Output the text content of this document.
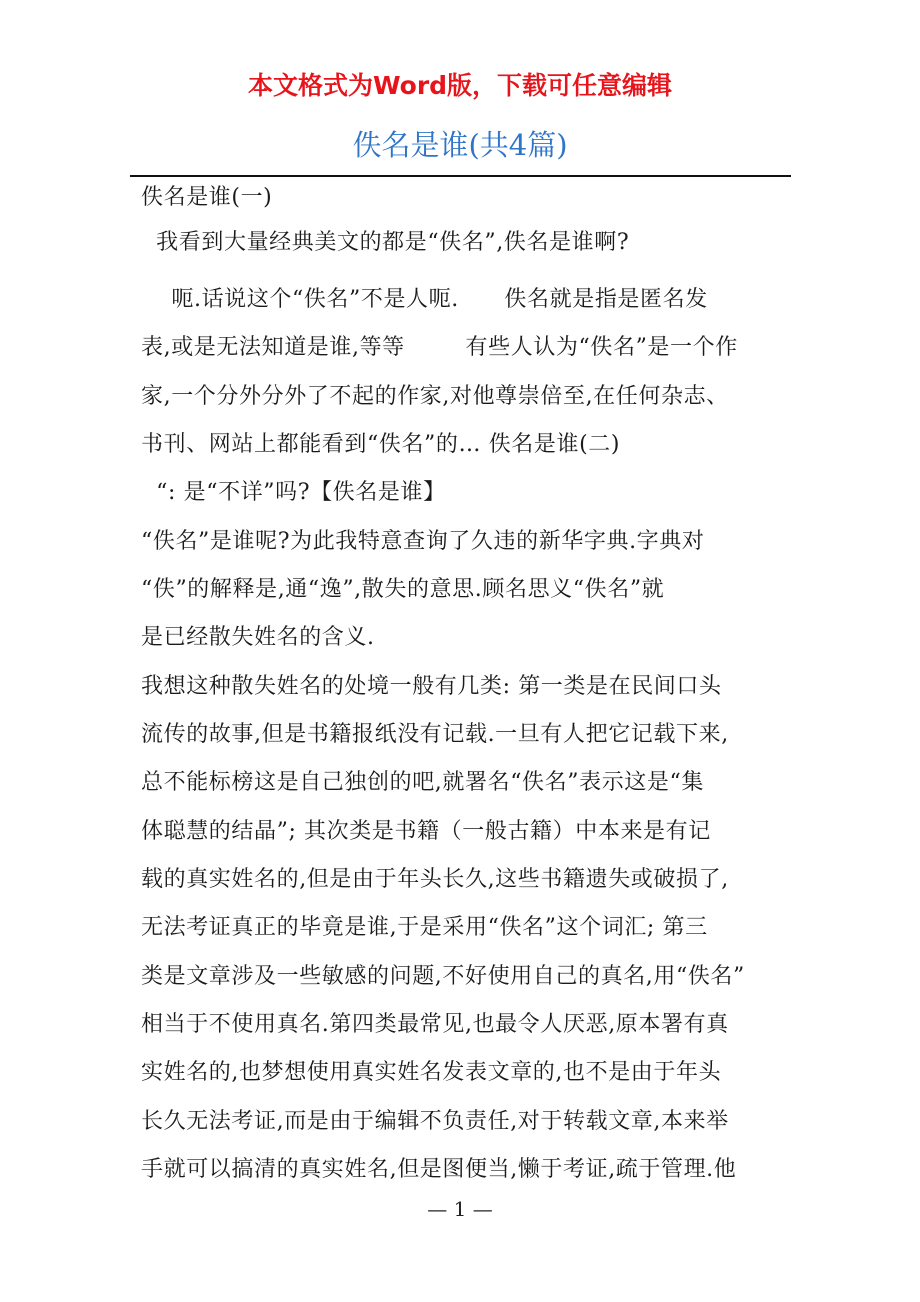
本文格式为Word版，下载可任意编辑
佚名是谁(共4篇)
佚名是谁(一)
我看到大量经典美文的都是“佚名”,佚名是谁啊?
呃.话说这个“佚名”不是人呃.      佚名就是指是匿名发
表,或是无法知道是谁,等等        有些人认为“佚名”是一个作
家,一个分外分外了不起的作家,对他尊崇倍至,在任何杂志、
书刊、网站上都能看到“佚名”的… 佚名是谁(二)
“: 是“不详”吗?【佚名是谁】
“佚名”是谁呢?为此我特意查询了久违的新华字典.字典对
“佚”的解释是,通“逸”,散失的意思.顾名思义“佚名”就
是已经散失姓名的含义.
我想这种散失姓名的处境一般有几类: 第一类是在民间口头
流传的故事,但是书籍报纸没有记载.一旦有人把它记载下来,
总不能标榜这是自己独创的吧,就署名“佚名”表示这是“集
体聪慧的结晶”; 其次类是书籍（一般古籍）中本来是有记
载的真实姓名的,但是由于年头长久,这些书籍遗失或破损了,
无法考证真正的毕竟是谁,于是采用“佚名”这个词汇; 第三
类是文章涉及一些敏感的问题,不好使用自己的真名,用“佚名”
相当于不使用真名.第四类最常见,也最令人厌恶,原本署有真
实姓名的,也梦想使用真实姓名发表文章的,也不是由于年头
长久无法考证,而是由于编辑不负责任,对于转载文章,本来举
手就可以搞清的真实姓名,但是图便当,懒于考证,疏于管理.他
— 1 —
